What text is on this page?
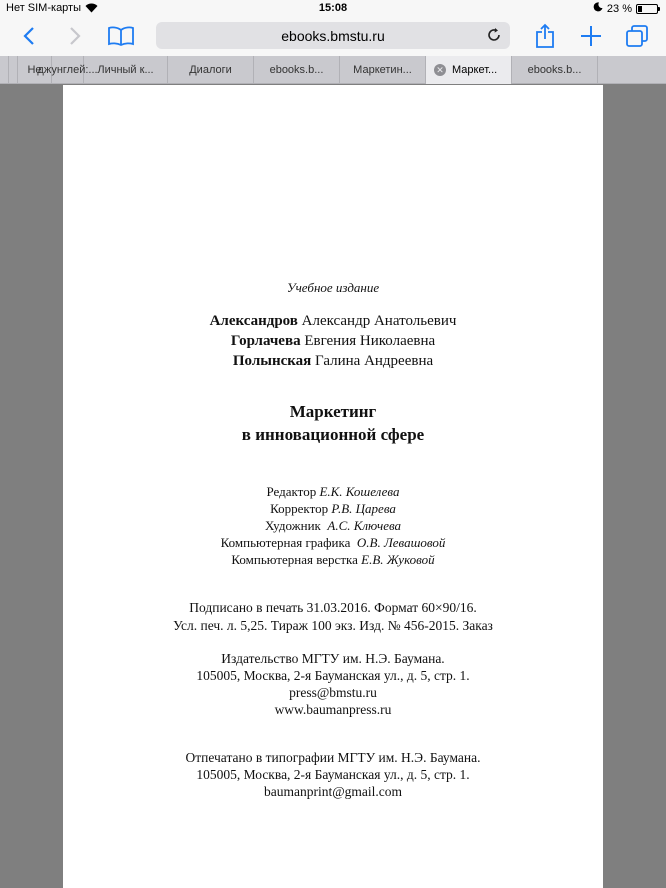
Нет SIM-карты	15:08	23 %
ebooks.bmstu.ru
Не
джунглей:... Личный к...	Диалоги	ebooks.b...	Маркетин...	✕ Маркет...	ebooks.b...

Учебное издание

Александров Александр Анатольевич

Горлачева Евгения Николаевна

Полынская Галина Андреевна

Маркетинг

в инновационной сфере

Редактор Е.К. Кошелева

Корректор Р.В. Царева

Художник А.С. Ключева

Компьютерная графика О.В. Левашовой

Компьютерная верстка Е.В. Жуковой

Подписано в печать 31.03.2016. Формат 60×90/16.

Усл. печ. л. 5,25. Тираж 100 экз. Изд. № 456-2015. Заказ

Издательство МГТУ им. Н.Э. Баумана.

105005, Москва, 2-я Бауманская ул., д. 5, стр. 1.

press@bmstu.ru

www.baumanpress.ru

Отпечатано в типографии МГТУ им. Н.Э. Баумана.

105005, Москва, 2-я Бауманская ул., д. 5, стр. 1.

baumanprint@gmail.com
